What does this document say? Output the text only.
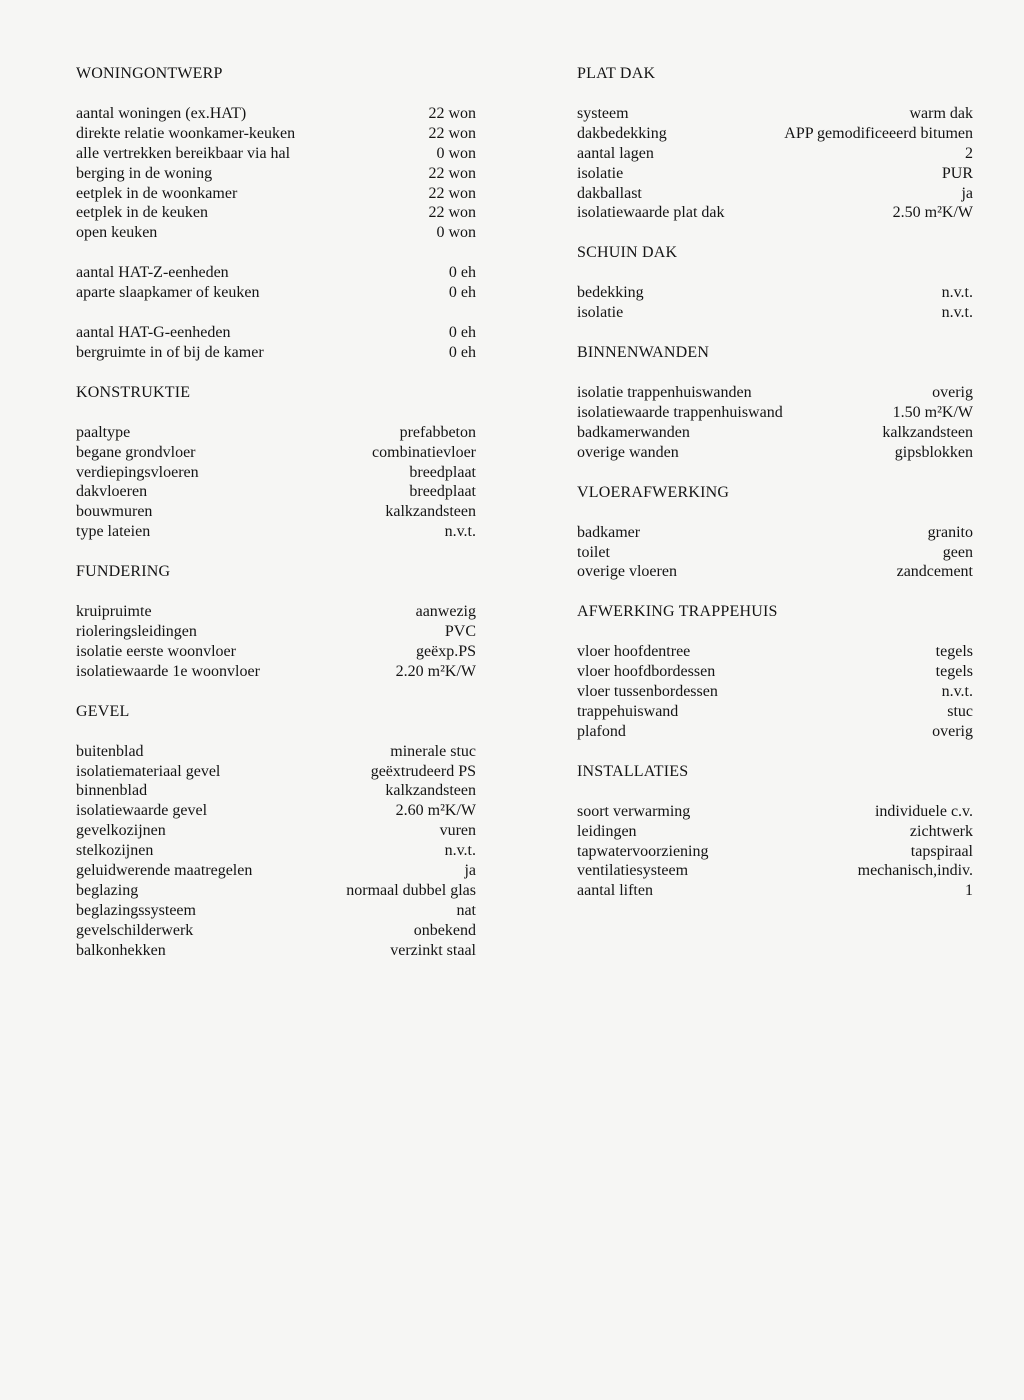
WONINGONTWERP
aantal woningen (ex.HAT)	22 won
direkte relatie woonkamer-keuken	22 won
alle vertrekken bereikbaar via hal	0 won
berging in de woning	22 won
eetplek in de woonkamer	22 won
eetplek in de keuken	22 won
open keuken	0 won
aantal HAT-Z-eenheden	0 eh
aparte slaapkamer of keuken	0 eh
aantal HAT-G-eenheden	0 eh
bergruimte in of bij de kamer	0 eh
KONSTRUKTIE
paaltype	prefabbeton
begane grondvloer	combinatievloer
verdiepingsvloeren	breedplaat
dakvloeren	breedplaat
bouwmuren	kalkzandsteen
type lateien	n.v.t.
FUNDERING
kruipruimte	aanwezig
rioleringsleidingen	PVC
isolatie eerste woonvloer	geëxp.PS
isolatiewaarde 1e woonvloer	2.20 m²K/W
GEVEL
buitenblad	minerale stuc
isolatiemateriaal gevel	geëxtrudeerd PS
binnenblad	kalkzandsteen
isolatiewaarde gevel	2.60 m²K/W
gevelkozijnen	vuren
stelkozijnen	n.v.t.
geluidwerende maatregelen	ja
beglazing	normaal dubbel glas
beglazingssysteem	nat
gevelschilderwerk	onbekend
balkonhekken	verzinkt staal
PLAT DAK
systeem	warm dak
dakbedekking	APP gemodificeeerd bitumen
aantal lagen	2
isolatie	PUR
dakballast	ja
isolatiewaarde plat dak	2.50 m²K/W
SCHUIN DAK
bedekking	n.v.t.
isolatie	n.v.t.
BINNENWANDEN
isolatie trappenhuiswanden	overig
isolatiewaarde trappenhuiswand	1.50 m²K/W
badkamerwanden	kalkzandsteen
overige wanden	gipsblokken
VLOERAFWERKING
badkamer	granito
toilet	geen
overige vloeren	zandcement
AFWERKING TRAPPEHUIS
vloer hoofdentree	tegels
vloer hoofdbordessen	tegels
vloer tussenbordessen	n.v.t.
trappehuiswand	stuc
plafond	overig
INSTALLATIES
soort verwarming	individuele c.v.
leidingen	zichtwerk
tapwatervoorziening	tapspiraal
ventilatiesysteem	mechanisch,indiv.
aantal liften	1
